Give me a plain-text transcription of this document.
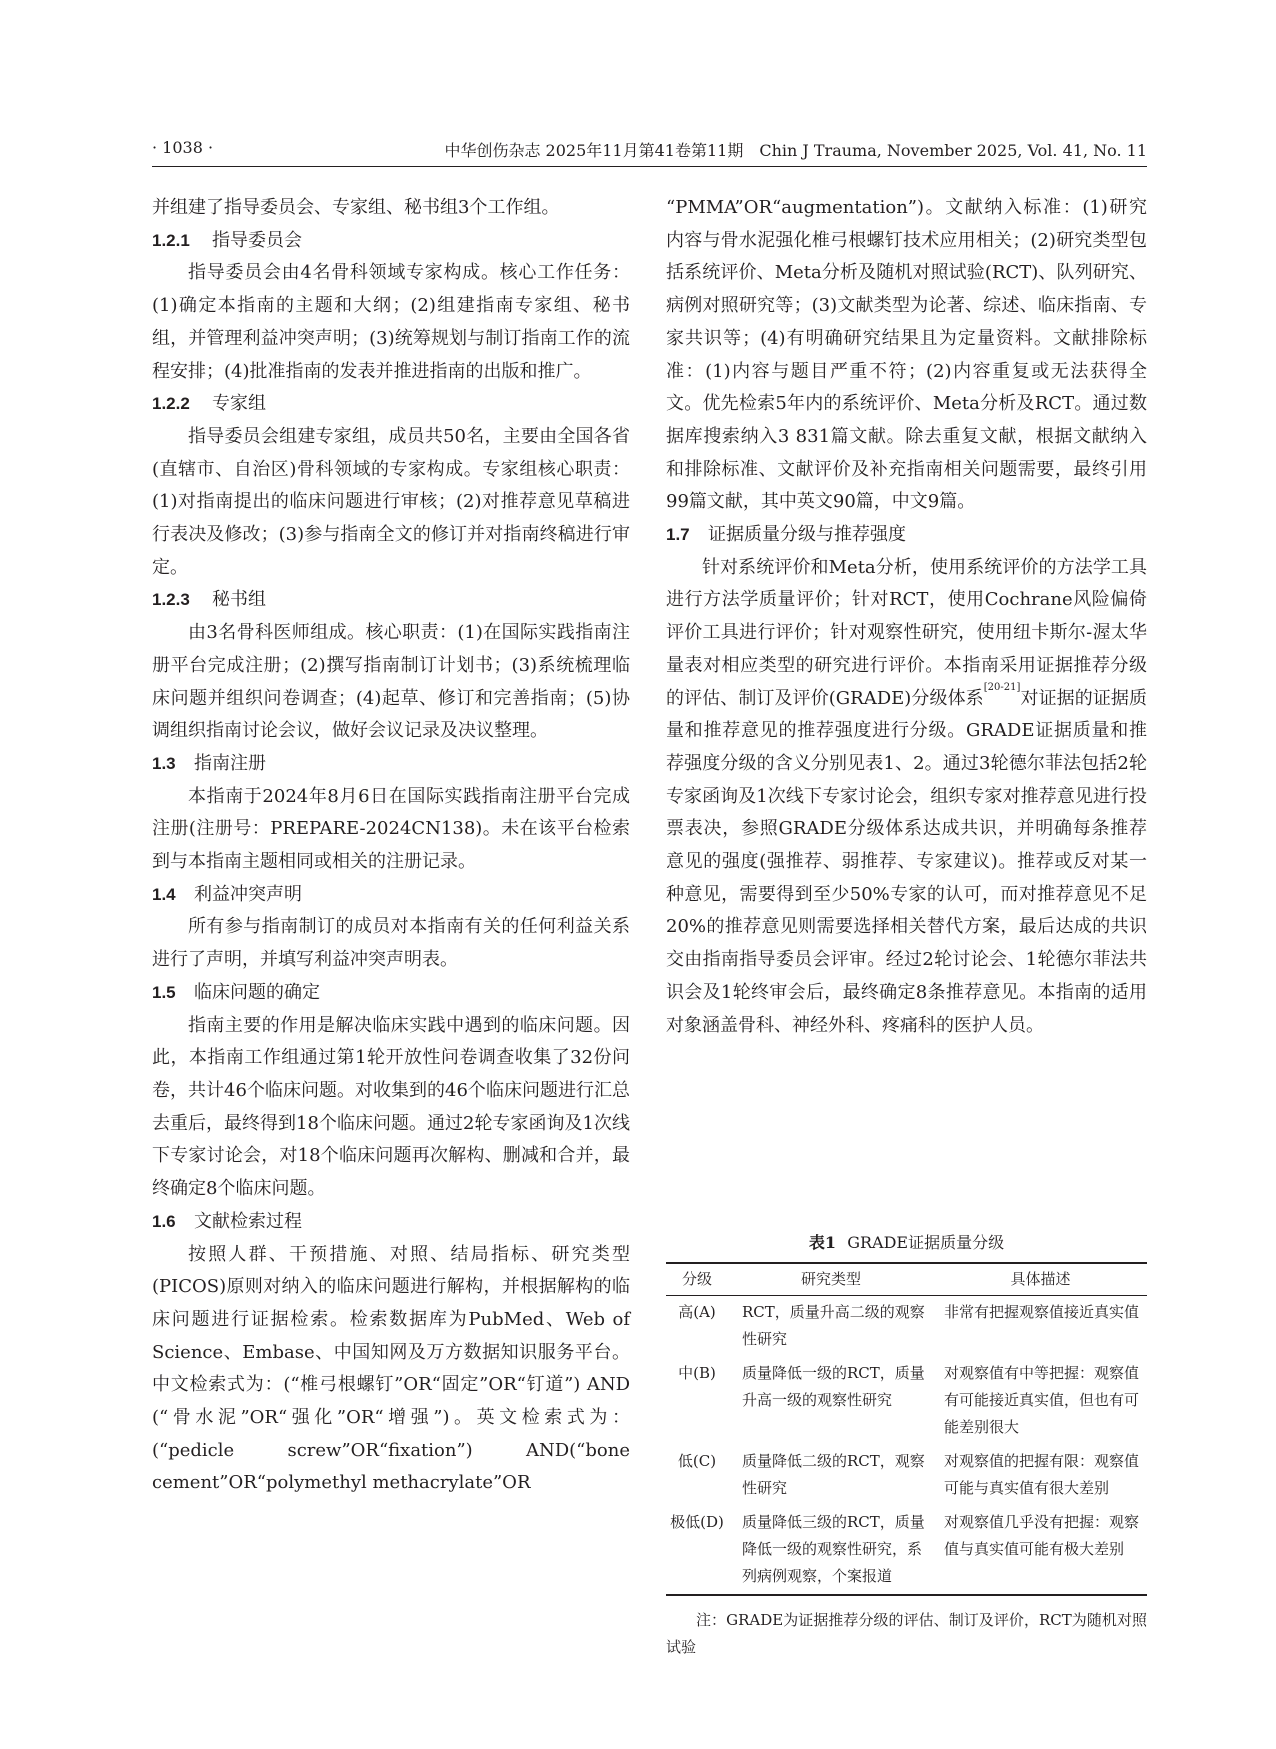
· 1038 ·	中华创伤杂志 2025年11月第41卷第11期　Chin J Trauma, November 2025, Vol. 41, No. 11

并组建了指导委员会、专家组、秘书组3个工作组。

1.2.1 指导委员会

指导委员会由4名骨科领域专家构成。核心工作任务：(1)确定本指南的主题和大纲；(2)组建指南专家组、秘书组，并管理利益冲突声明；(3)统筹规划与制订指南工作的流程安排；(4)批准指南的发表并推进指南的出版和推广。

1.2.2 专家组

指导委员会组建专家组，成员共50名，主要由全国各省(直辖市、自治区)骨科领域的专家构成。专家组核心职责：(1)对指南提出的临床问题进行审核；(2)对推荐意见草稿进行表决及修改；(3)参与指南全文的修订并对指南终稿进行审定。

1.2.3 秘书组

由3名骨科医师组成。核心职责：(1)在国际实践指南注册平台完成注册；(2)撰写指南制订计划书；(3)系统梳理临床问题并组织问卷调查；(4)起草、修订和完善指南；(5)协调组织指南讨论会议，做好会议记录及决议整理。

1.3 指南注册

本指南于2024年8月6日在国际实践指南注册平台完成注册(注册号：PREPARE-2024CN138)。未在该平台检索到与本指南主题相同或相关的注册记录。

1.4 利益冲突声明

所有参与指南制订的成员对本指南有关的任何利益关系进行了声明，并填写利益冲突声明表。

1.5 临床问题的确定

指南主要的作用是解决临床实践中遇到的临床问题。因此，本指南工作组通过第1轮开放性问卷调查收集了32份问卷，共计46个临床问题。对收集到的46个临床问题进行汇总去重后，最终得到18个临床问题。通过2轮专家函询及1次线下专家讨论会，对18个临床问题再次解构、删减和合并，最终确定8个临床问题。

1.6 文献检索过程

按照人群、干预措施、对照、结局指标、研究类型(PICOS)原则对纳入的临床问题进行解构，并根据解构的临床问题进行证据检索。检索数据库为PubMed、Web of Science、Embase、中国知网及万方数据知识服务平台。中文检索式为：(“椎弓根螺钉”OR“固定”OR“钉道”) AND (“骨水泥”OR“强化”OR“增强”)。英文检索式为：(“pedicle screw”OR“fixation”) AND(“bone cement”OR“polymethyl methacrylate”OR

“PMMA”OR“augmentation”)。文献纳入标准：(1)研究内容与骨水泥强化椎弓根螺钉技术应用相关；(2)研究类型包括系统评价、Meta分析及随机对照试验(RCT)、队列研究、病例对照研究等；(3)文献类型为论著、综述、临床指南、专家共识等；(4)有明确研究结果且为定量资料。文献排除标准：(1)内容与题目严重不符；(2)内容重复或无法获得全文。优先检索5年内的系统评价、Meta分析及RCT。通过数据库搜索纳入3 831篇文献。除去重复文献，根据文献纳入和排除标准、文献评价及补充指南相关问题需要，最终引用99篇文献，其中英文90篇，中文9篇。

1.7 证据质量分级与推荐强度

针对系统评价和Meta分析，使用系统评价的方法学工具进行方法学质量评价；针对RCT，使用Cochrane风险偏倚评价工具进行评价；针对观察性研究，使用纽卡斯尔-渥太华量表对相应类型的研究进行评价。本指南采用证据推荐分级的评估、制订及评价(GRADE)分级体系[20-21]对证据的证据质量和推荐意见的推荐强度进行分级。GRADE证据质量和推荐强度分级的含义分别见表1、2。通过3轮德尔菲法包括2轮专家函询及1次线下专家讨论会，组织专家对推荐意见进行投票表决，参照GRADE分级体系达成共识，并明确每条推荐意见的强度(强推荐、弱推荐、专家建议)。推荐或反对某一种意见，需要得到至少50%专家的认可，而对推荐意见不足20%的推荐意见则需要选择相关替代方案，最后达成的共识交由指南指导委员会评审。经过2轮讨论会、1轮德尔菲法共识会及1轮终审会后，最终确定8条推荐意见。本指南的适用对象涵盖骨科、神经外科、疼痛科的医护人员。

表1 GRADE证据质量分级
分级	研究类型	具体描述
高(A)	RCT，质量升高二级的观察性研究	非常有把握观察值接近真实值
中(B)	质量降低一级的RCT，质量升高一级的观察性研究	对观察值有中等把握：观察值有可能接近真实值，但也有可能差别很大
低(C)	质量降低二级的RCT，观察性研究	对观察值的把握有限：观察值可能与真实值有很大差别
极低(D)	质量降低三级的RCT，质量降低一级的观察性研究，系列病例观察，个案报道	对观察值几乎没有把握：观察值与真实值可能有极大差别
注：GRADE为证据推荐分级的评估、制订及评价，RCT为随机对照试验
